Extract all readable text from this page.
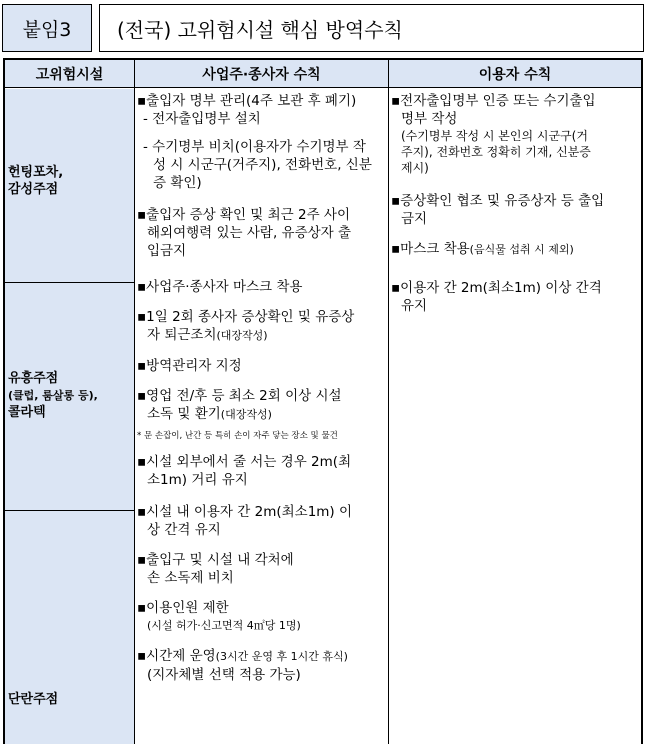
붙임3 (전국) 고위험시설 핵심 방역수칙
고위험시설	사업주·종사자 수칙	이용자 수칙
헌팅포차,
감성주점
유흥주점
(클럽, 룸살롱 등),
콜라텍
단란주점
▪출입자 명부 관리(4주 보관 후 폐기)
- 전자출입명부 설치
- 수기명부 비치(이용자가 수기명부 작
성 시 시군구(거주지), 전화번호, 신분
증 확인)
▪출입자 증상 확인 및 최근 2주 사이
해외여행력 있는 사람, 유증상자 출
입금지
▪사업주·종사자 마스크 착용
▪1일 2회 종사자 증상확인 및 유증상
자 퇴근조치(대장작성)
▪방역관리자 지정
▪영업 전/후 등 최소 2회 이상 시설
소독 및 환기(대장작성)
* 문 손잡이, 난간 등 특히 손이 자주 닿는 장소 및 물건
▪시설 외부에서 줄 서는 경우 2m(최
소1m) 거리 유지
▪시설 내 이용자 간 2m(최소1m) 이
상 간격 유지
▪출입구 및 시설 내 각처에
손 소독제 비치
▪이용인원 제한
(시설 허가·신고면적 4㎡당 1명)
▪시간제 운영(3시간 운영 후 1시간 휴식)
(지자체별 선택 적용 가능)
▪전자출입명부 인증 또는 수기출입
명부 작성
(수기명부 작성 시 본인의 시군구(거
주지), 전화번호 정확히 기재, 신분증
제시)
▪증상확인 협조 및 유증상자 등 출입
금지
▪마스크 착용(음식물 섭취 시 제외)
▪이용자 간 2m(최소1m) 이상 간격
유지
